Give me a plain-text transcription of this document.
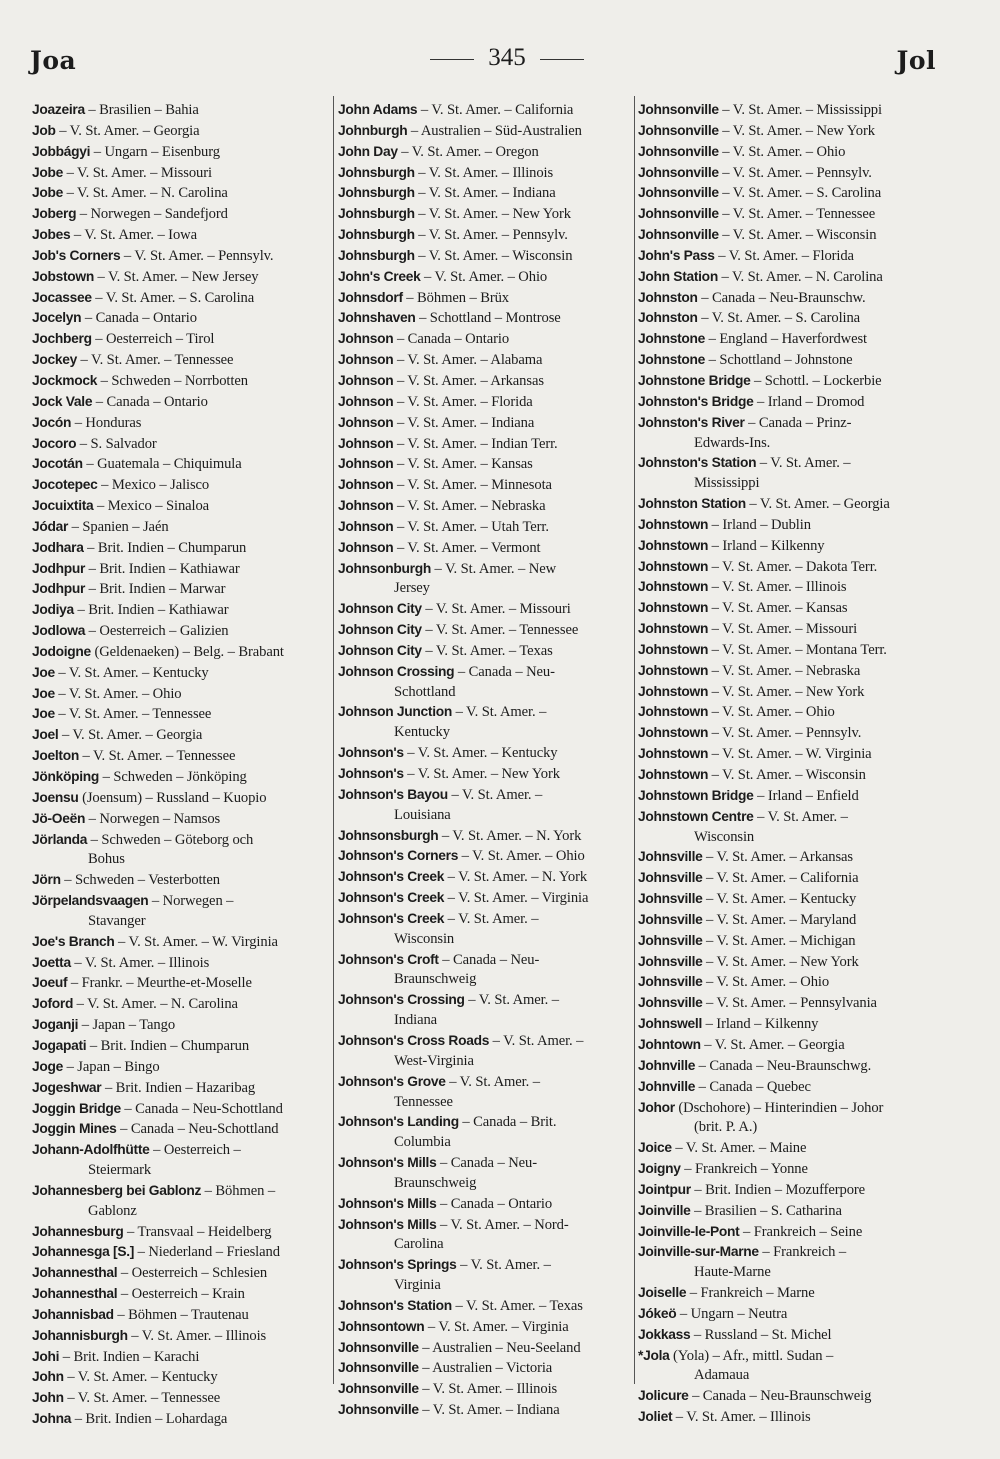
Joa	345	Jol
Joazeira – Brasilien – Bahia
Job – V. St. Amer. – Georgia
Jobbágyi – Ungarn – Eisenburg
Jobe – V. St. Amer. – Missouri
Jobe – V. St. Amer. – N. Carolina
Joberg – Norwegen – Sandefjord
Jobes – V. St. Amer. – Iowa
Job's Corners – V. St. Amer. – Pennsylv.
Jobstown – V. St. Amer. – New Jersey
Jocassee – V. St. Amer. – S. Carolina
Jocelyn – Canada – Ontario
Jochberg – Oesterreich – Tirol
Jockey – V. St. Amer. – Tennessee
Jockmock – Schweden – Norrbotten
Jock Vale – Canada – Ontario
Jocón – Honduras
Jocoro – S. Salvador
Jocotán – Guatemala – Chiquimula
Jocotepec – Mexico – Jalisco
Jocuixtita – Mexico – Sinaloa
Jódar – Spanien – Jaén
Jodhara – Brit. Indien – Chumparun
Jodhpur – Brit. Indien – Kathiawar
Jodhpur – Brit. Indien – Marwar
Jodiya – Brit. Indien – Kathiawar
Jodlowa – Oesterreich – Galizien
Jodoigne (Geldenaeken) – Belg. – Brabant
Joe – V. St. Amer. – Kentucky
Joe – V. St. Amer. – Ohio
Joe – V. St. Amer. – Tennessee
Joel – V. St. Amer. – Georgia
Joelton – V. St. Amer. – Tennessee
Jönköping – Schweden – Jönköping
Joensu (Joensum) – Russland – Kuopio
Jö-Oeën – Norwegen – Namsos
Jörlanda – Schweden – Göteborg och
Bohus
Jörn – Schweden – Vesterbotten
Jörpelandsvaagen – Norwegen –
Stavanger
Joe's Branch – V. St. Amer. – W. Virginia
Joetta – V. St. Amer. – Illinois
Joeuf – Frankr. – Meurthe-et-Moselle
Joford – V. St. Amer. – N. Carolina
Joganji – Japan – Tango
Jogapati – Brit. Indien – Chumparun
Joge – Japan – Bingo
Jogeshwar – Brit. Indien – Hazaribag
Joggin Bridge – Canada – Neu-Schottland
Joggin Mines – Canada – Neu-Schottland
Johann-Adolfhütte – Oesterreich –
Steiermark
Johannesberg bei Gablonz – Böhmen –
Gablonz
Johannesburg – Transvaal – Heidelberg
Johannesga [S.] – Niederland – Friesland
Johannesthal – Oesterreich – Schlesien
Johannesthal – Oesterreich – Krain
Johannisbad – Böhmen – Trautenau
Johannisburgh – V. St. Amer. – Illinois
Johi – Brit. Indien – Karachi
John – V. St. Amer. – Kentucky
John – V. St. Amer. – Tennessee
Johna – Brit. Indien – Lohardaga
John Adams – V. St. Amer. – California
Johnburgh – Australien – Süd-Australien
John Day – V. St. Amer. – Oregon
Johnsburgh – V. St. Amer. – Illinois
Johnsburgh – V. St. Amer. – Indiana
Johnsburgh – V. St. Amer. – New York
Johnsburgh – V. St. Amer. – Pennsylv.
Johnsburgh – V. St. Amer. – Wisconsin
John's Creek – V. St. Amer. – Ohio
Johnsdorf – Böhmen – Brüx
Johnshaven – Schottland – Montrose
Johnson – Canada – Ontario
Johnson – V. St. Amer. – Alabama
Johnson – V. St. Amer. – Arkansas
Johnson – V. St. Amer. – Florida
Johnson – V. St. Amer. – Indiana
Johnson – V. St. Amer. – Indian Terr.
Johnson – V. St. Amer. – Kansas
Johnson – V. St. Amer. – Minnesota
Johnson – V. St. Amer. – Nebraska
Johnson – V. St. Amer. – Utah Terr.
Johnson – V. St. Amer. – Vermont
Johnsonburgh – V. St. Amer. – New
Jersey
Johnson City – V. St. Amer. – Missouri
Johnson City – V. St. Amer. – Tennessee
Johnson City – V. St. Amer. – Texas
Johnson Crossing – Canada – Neu-
Schottland
Johnson Junction – V. St. Amer. –
Kentucky
Johnson's – V. St. Amer. – Kentucky
Johnson's – V. St. Amer. – New York
Johnson's Bayou – V. St. Amer. –
Louisiana
Johnsonsburgh – V. St. Amer. – N. York
Johnson's Corners – V. St. Amer. – Ohio
Johnson's Creek – V. St. Amer. – N. York
Johnson's Creek – V. St. Amer. – Virginia
Johnson's Creek – V. St. Amer. –
Wisconsin
Johnson's Croft – Canada – Neu-
Braunschweig
Johnson's Crossing – V. St. Amer. –
Indiana
Johnson's Cross Roads – V. St. Amer. –
West-Virginia
Johnson's Grove – V. St. Amer. –
Tennessee
Johnson's Landing – Canada – Brit.
Columbia
Johnson's Mills – Canada – Neu-
Braunschweig
Johnson's Mills – Canada – Ontario
Johnson's Mills – V. St. Amer. – Nord-
Carolina
Johnson's Springs – V. St. Amer. –
Virginia
Johnson's Station – V. St. Amer. – Texas
Johnsontown – V. St. Amer. – Virginia
Johnsonville – Australien – Neu-Seeland
Johnsonville – Australien – Victoria
Johnsonville – V. St. Amer. – Illinois
Johnsonville – V. St. Amer. – Indiana
Johnsonville – V. St. Amer. – Mississippi
Johnsonville – V. St. Amer. – New York
Johnsonville – V. St. Amer. – Ohio
Johnsonville – V. St. Amer. – Pennsylv.
Johnsonville – V. St. Amer. – S. Carolina
Johnsonville – V. St. Amer. – Tennessee
Johnsonville – V. St. Amer. – Wisconsin
John's Pass – V. St. Amer. – Florida
John Station – V. St. Amer. – N. Carolina
Johnston – Canada – Neu-Braunschw.
Johnston – V. St. Amer. – S. Carolina
Johnstone – England – Haverfordwest
Johnstone – Schottland – Johnstone
Johnstone Bridge – Schottl. – Lockerbie
Johnston's Bridge – Irland – Dromod
Johnston's River – Canada – Prinz-
Edwards-Ins.
Johnston's Station – V. St. Amer. –
Mississippi
Johnston Station – V. St. Amer. – Georgia
Johnstown – Irland – Dublin
Johnstown – Irland – Kilkenny
Johnstown – V. St. Amer. – Dakota Terr.
Johnstown – V. St. Amer. – Illinois
Johnstown – V. St. Amer. – Kansas
Johnstown – V. St. Amer. – Missouri
Johnstown – V. St. Amer. – Montana Terr.
Johnstown – V. St. Amer. – Nebraska
Johnstown – V. St. Amer. – New York
Johnstown – V. St. Amer. – Ohio
Johnstown – V. St. Amer. – Pennsylv.
Johnstown – V. St. Amer. – W. Virginia
Johnstown – V. St. Amer. – Wisconsin
Johnstown Bridge – Irland – Enfield
Johnstown Centre – V. St. Amer. –
Wisconsin
Johnsville – V. St. Amer. – Arkansas
Johnsville – V. St. Amer. – California
Johnsville – V. St. Amer. – Kentucky
Johnsville – V. St. Amer. – Maryland
Johnsville – V. St. Amer. – Michigan
Johnsville – V. St. Amer. – New York
Johnsville – V. St. Amer. – Ohio
Johnsville – V. St. Amer. – Pennsylvania
Johnswell – Irland – Kilkenny
Johntown – V. St. Amer. – Georgia
Johnville – Canada – Neu-Braunschwg.
Johnville – Canada – Quebec
Johor (Dschohore) – Hinterindien – Johor
(brit. P. A.)
Joice – V. St. Amer. – Maine
Joigny – Frankreich – Yonne
Jointpur – Brit. Indien – Mozufferpore
Joinville – Brasilien – S. Catharina
Joinville-le-Pont – Frankreich – Seine
Joinville-sur-Marne – Frankreich –
Haute-Marne
Joiselle – Frankreich – Marne
Jókeö – Ungarn – Neutra
Jokkass – Russland – St. Michel
*Jola (Yola) – Afr., mittl. Sudan –
Adamaua
Jolicure – Canada – Neu-Braunschweig
Joliet – V. St. Amer. – Illinois
